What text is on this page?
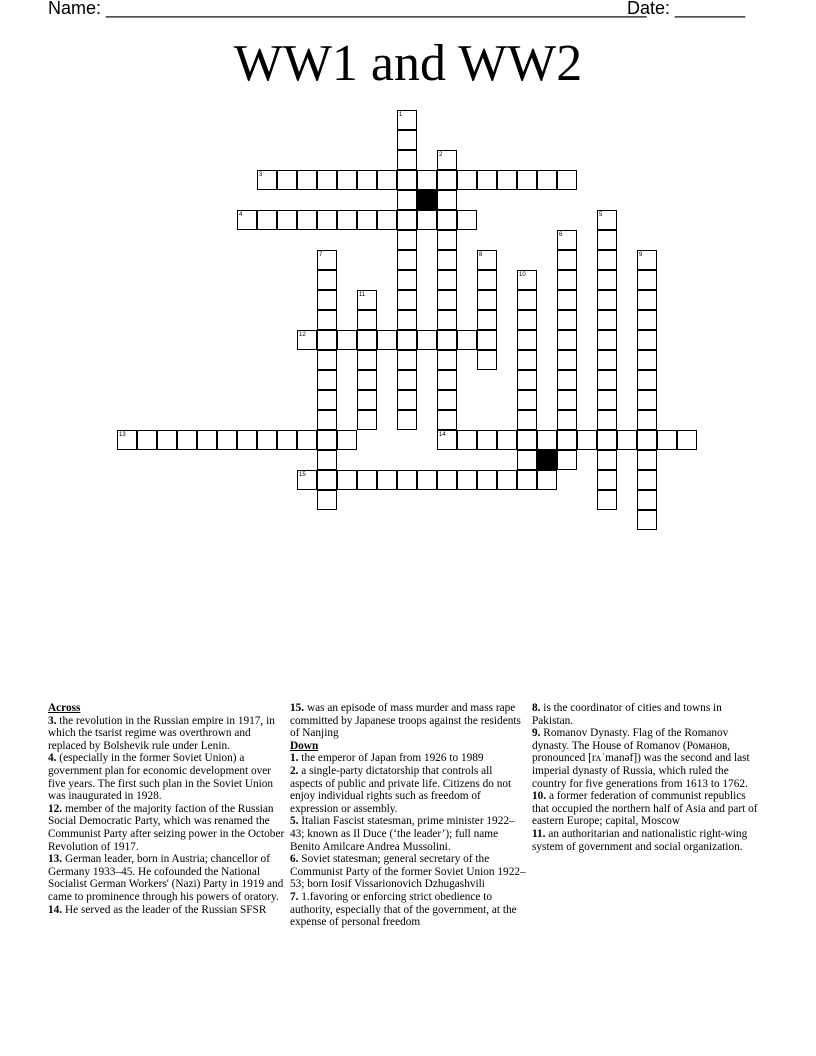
Name: ______________________________________________________
Date: _______
WW1 and WW2
1
2
3
4	5
6
7	8	9
10
11
12
13	14
15
Across

3. the revolution in the Russian empire in 1917, in which the tsarist regime was overthrown and replaced by Bolshevik rule under Lenin.

4. (especially in the former Soviet Union) a government plan for economic development over five years. The first such plan in the Soviet Union was inaugurated in 1928.

12. member of the majority faction of the Russian Social Democratic Party, which was renamed the Communist Party after seizing power in the October Revolution of 1917.

13. German leader, born in Austria; chancellor of Germany 1933–45. He cofounded the National Socialist German Workers' (Nazi) Party in 1919 and came to prominence through his powers of oratory.

14. He served as the leader of the Russian SFSR

15. was an episode of mass murder and mass rape committed by Japanese troops against the residents of Nanjing

Down

1. the emperor of Japan from 1926 to 1989

2. a single-party dictatorship that controls all aspects of public and private life. Citizens do not enjoy individual rights such as freedom of expression or assembly.

5. Italian Fascist statesman, prime minister 1922–43; known as Il Duce (‘the leader’); full name Benito Amilcare Andrea Mussolini.

6. Soviet statesman; general secretary of the Communist Party of the former Soviet Union 1922–53; born Iosif Vissarionovich Dzhugashvili

7. 1.favoring or enforcing strict obedience to authority, especially that of the government, at the expense of personal freedom

8. is the coordinator of cities and towns in Pakistan.

9. Romanov Dynasty. Flag of the Romanov dynasty. The House of Romanov (Романов, pronounced [rʌˈmanəf]) was the second and last imperial dynasty of Russia, which ruled the country for five generations from 1613 to 1762.

10. a former federation of communist republics that occupied the northern half of Asia and part of eastern Europe; capital, Moscow

11. an authoritarian and nationalistic right-wing system of government and social organization.
